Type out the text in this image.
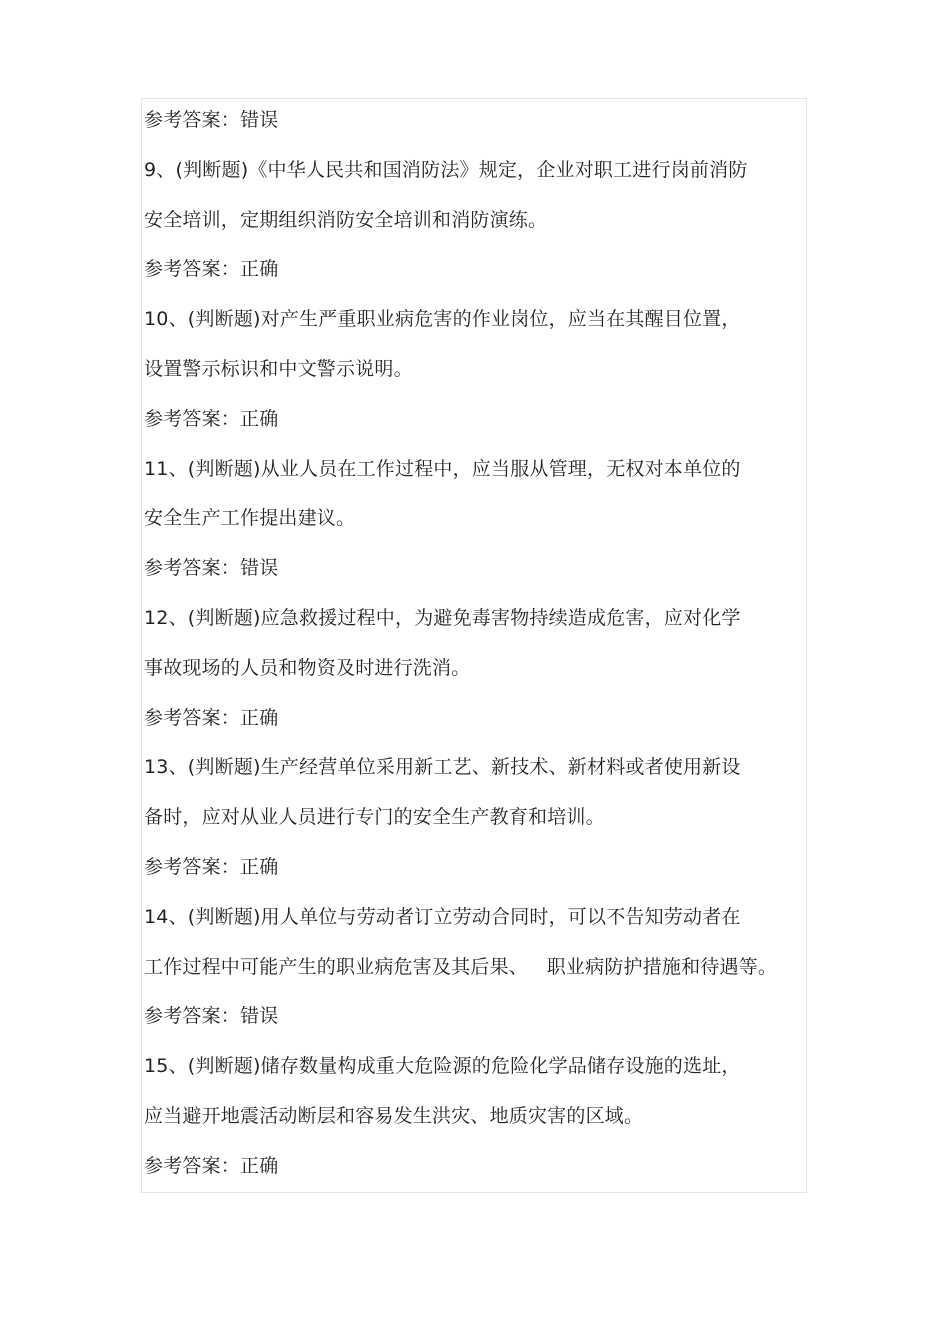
参考答案：错误
9、(判断题)《中华人民共和国消防法》规定，企业对职工进行岗前消防
安全培训，定期组织消防安全培训和消防演练。
参考答案：正确
10、(判断题)对产生严重职业病危害的作业岗位，应当在其醒目位置，
设置警示标识和中文警示说明。
参考答案：正确
11、(判断题)从业人员在工作过程中，应当服从管理，无权对本单位的
安全生产工作提出建议。
参考答案：错误
12、(判断题)应急救援过程中，为避免毒害物持续造成危害，应对化学
事故现场的人员和物资及时进行洗消。
参考答案：正确
13、(判断题)生产经营单位采用新工艺、新技术、新材料或者使用新设
备时，应对从业人员进行专门的安全生产教育和培训。
参考答案：正确
14、(判断题)用人单位与劳动者订立劳动合同时，可以不告知劳动者在
工作过程中可能产生的职业病危害及其后果、   职业病防护措施和待遇等。
参考答案：错误
15、(判断题)储存数量构成重大危险源的危险化学品储存设施的选址，
应当避开地震活动断层和容易发生洪灾、地质灾害的区域。
参考答案：正确
